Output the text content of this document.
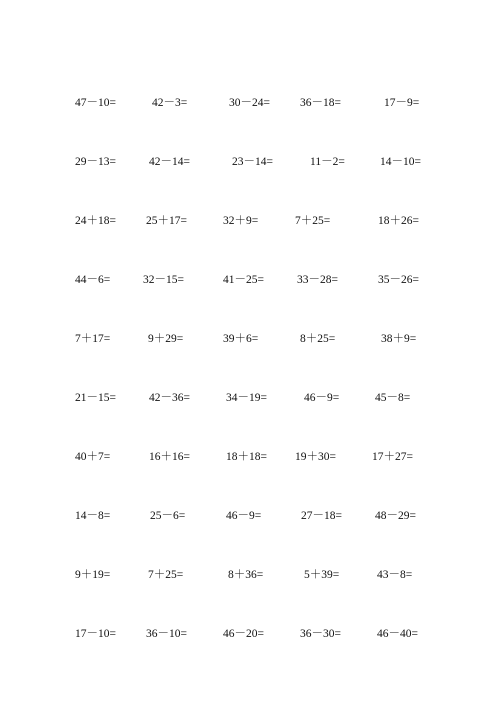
47－10=	42－3=	30－24=	36－18=	17－9=
29－13=	42－14=	23－14=	11－2=	14－10=
24＋18=	25＋17=	32＋9=	7＋25=	18＋26=
44－6=	32－15=	41－25=	33－28=	35－26=
7＋17=	9＋29=	39＋6=	8＋25=	38＋9=
21－15=	42－36=	34－19=	46－9=	45－8=
40＋7=	16＋16=	18＋18= 19＋30=	17＋27=
14－8=	25－6=	46－9=	27－18=	48－29=
9＋19=	7＋25=	8＋36=	5＋39=	43－8=
17－10=	36－10=	46－20=	36－30=	46－40=
